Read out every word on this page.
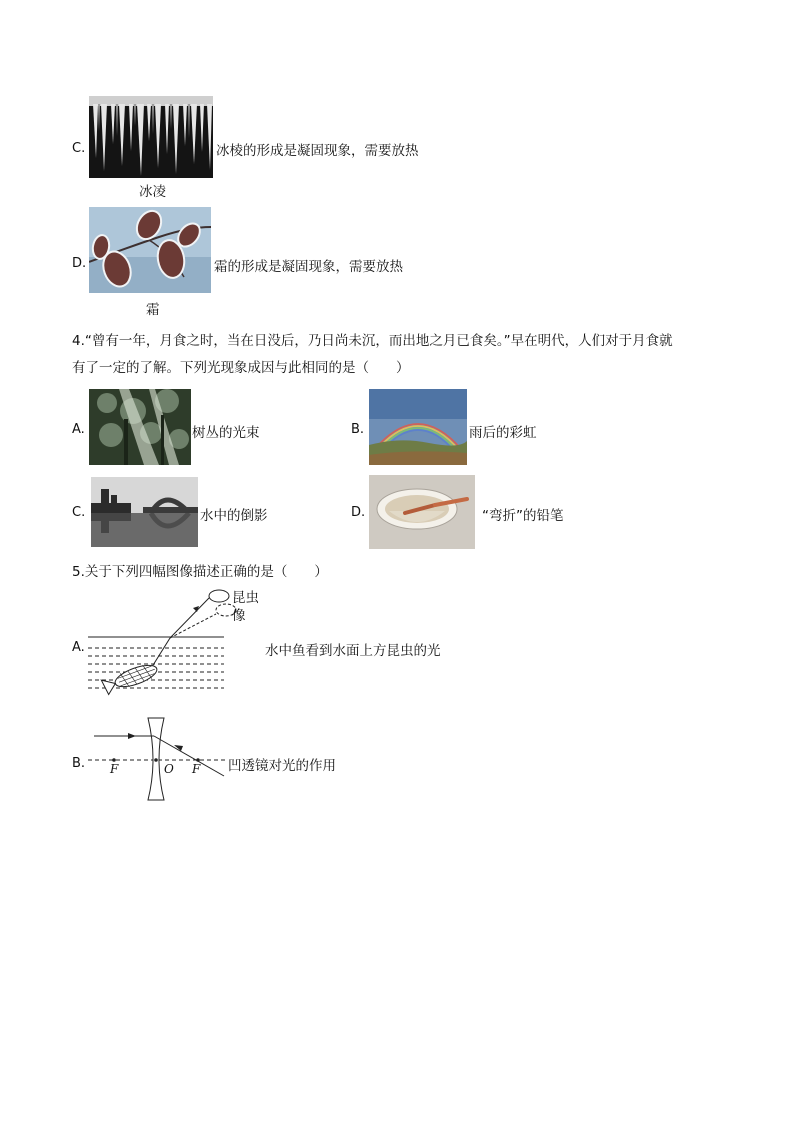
C.	冰棱的形成是凝固现象，需要放热
冰凌
D.	霜的形成是凝固现象，需要放热
霜
4.“曾有一年，月食之时，当在日没后，乃日尚未沉，而出地之月已食矣。”早在明代，人们对于月食就
有了一定的了解。下列光现象成因与此相同的是（　　）
A.	树丛的光束	B.	雨后的彩虹
C.	水中的倒影	D.	“弯折”的铅笔
5.关于下列四幅图像描述正确的是（　　）
A.
昆虫
像
水中鱼看到水面上方昆虫的光
B. F	O F 凹透镜对光的作用
